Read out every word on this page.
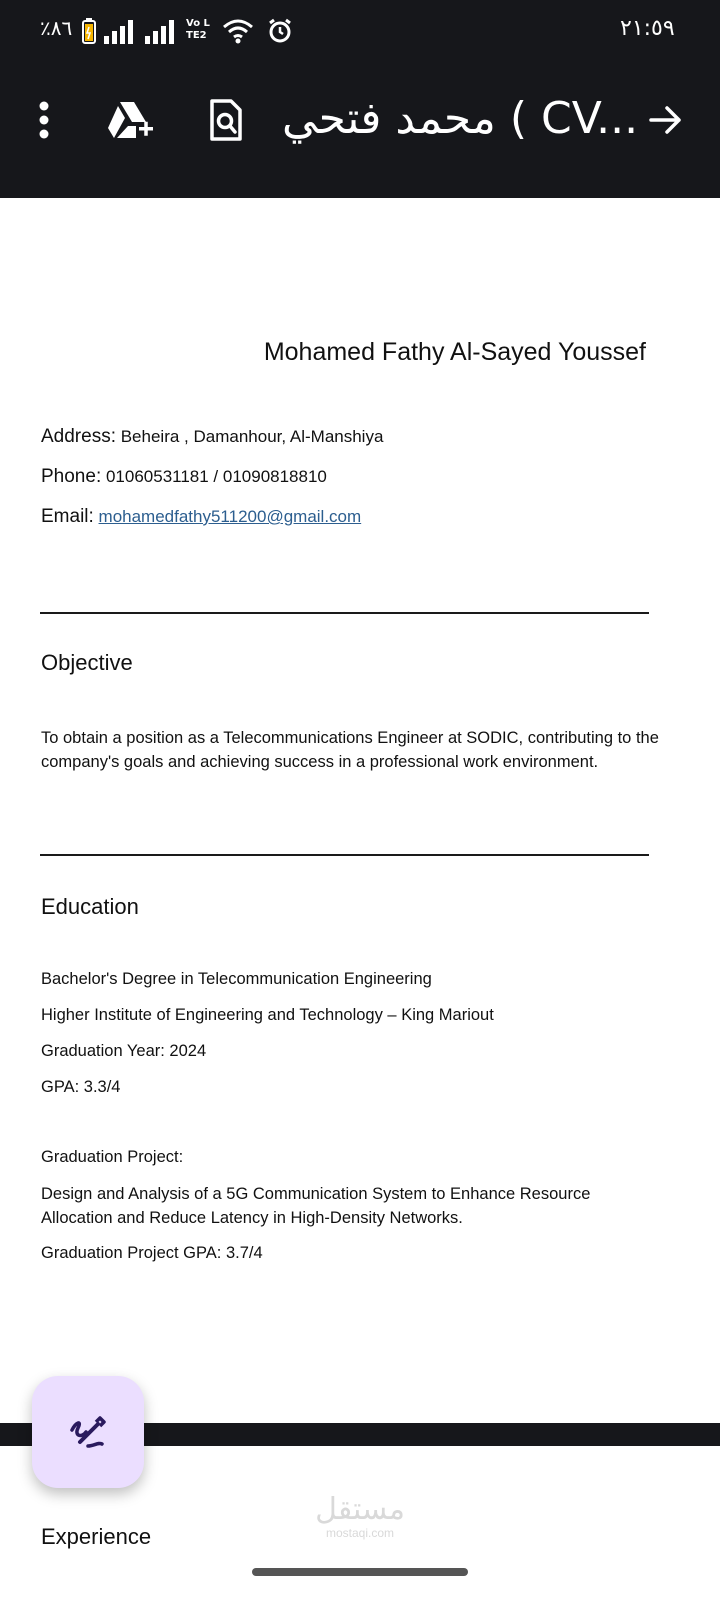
٪٨٦	Vo LTE2	٢١:٥٩
محمد فتحي ( CV...
Mohamed Fathy Al-Sayed Youssef
Address: Beheira , Damanhour, Al-Manshiya
Phone: 01060531181 / 01090818810
Email: mohamedfathy511200@gmail.com
Objective
To obtain a position as a Telecommunications Engineer at SODIC, contributing to the company's goals and achieving success in a professional work environment.
Education
Bachelor's Degree in Telecommunication Engineering
Higher Institute of Engineering and Technology – King Mariout
Graduation Year: 2024
GPA: 3.3/4
Graduation Project:
Design and Analysis of a 5G Communication System to Enhance Resource Allocation and Reduce Latency in High-Density Networks.
Graduation Project GPA: 3.7/4
Experience
مستقل
mostaqi.com
